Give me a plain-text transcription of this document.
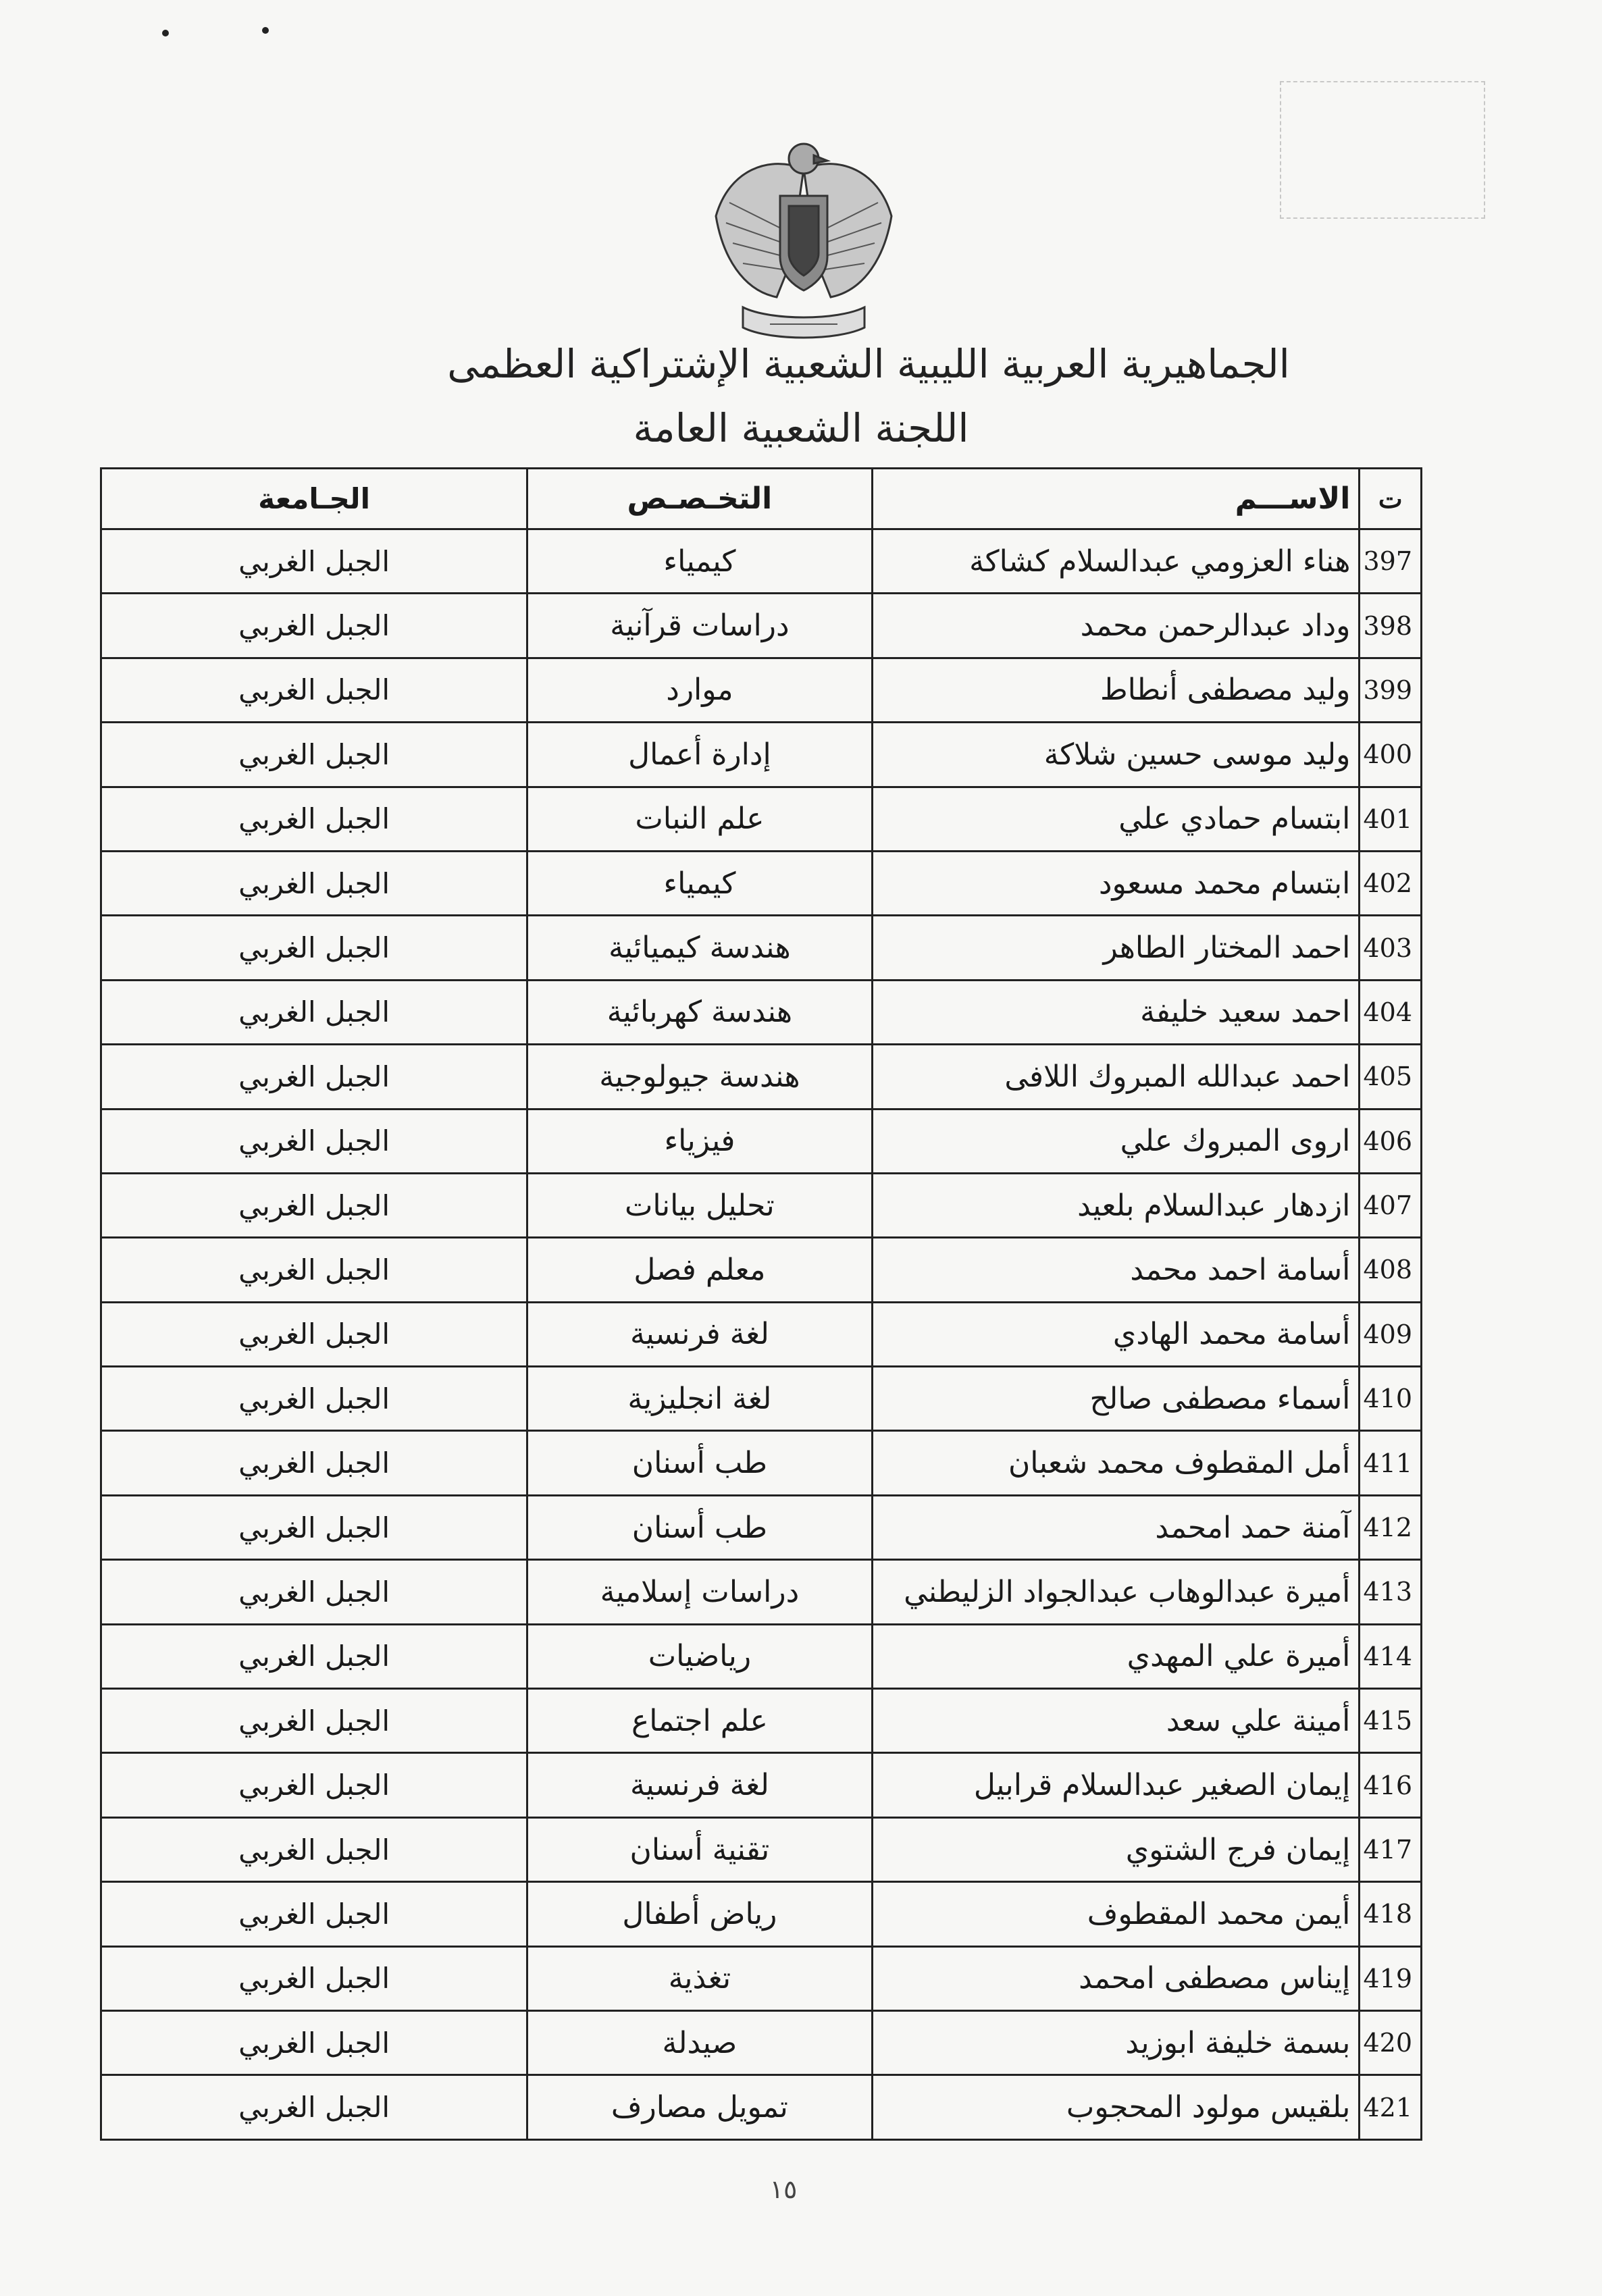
الجماهيرية العربية الليبية الشعبية الإشتراكية العظمى
اللجنة الشعبية العامة
ت	الاســـم	التخـصـص	الجـامعة
397	هناء العزومي عبدالسلام كشاكة	كيمياء	الجبل الغربي
398	وداد عبدالرحمن محمد	دراسات قرآنية	الجبل الغربي
399	وليد مصطفى أنطاط	موارد	الجبل الغربي
400	وليد موسى حسين شلاكة	إدارة أعمال	الجبل الغربي
401	ابتسام حمادي علي	علم النبات	الجبل الغربي
402	ابتسام محمد مسعود	كيمياء	الجبل الغربي
403	احمد المختار الطاهر	هندسة كيميائية	الجبل الغربي
404	احمد سعيد خليفة	هندسة كهربائية	الجبل الغربي
405	احمد عبدالله المبروك اللافى	هندسة جيولوجية	الجبل الغربي
406	اروى المبروك علي	فيزياء	الجبل الغربي
407	ازدهار عبدالسلام بلعيد	تحليل بيانات	الجبل الغربي
408	أسامة احمد محمد	معلم فصل	الجبل الغربي
409	أسامة محمد الهادي	لغة فرنسية	الجبل الغربي
410	أسماء مصطفى صالح	لغة انجليزية	الجبل الغربي
411	أمل المقطوف محمد شعبان	طب أسنان	الجبل الغربي
412	آمنة حمد امحمد	طب أسنان	الجبل الغربي
413	أميرة عبدالوهاب عبدالجواد الزليطني	دراسات إسلامية	الجبل الغربي
414	أميرة علي المهدي	رياضيات	الجبل الغربي
415	أمينة علي سعد	علم اجتماع	الجبل الغربي
416	إيمان الصغير عبدالسلام قرابيل	لغة فرنسية	الجبل الغربي
417	إيمان فرج الشتوي	تقنية أسنان	الجبل الغربي
418	أيمن محمد المقطوف	رياض أطفال	الجبل الغربي
419	إيناس مصطفى امحمد	تغذية	الجبل الغربي
420	بسمة خليفة ابوزيد	صيدلة	الجبل الغربي
421	بلقيس مولود المحجوب	تمويل مصارف	الجبل الغربي
١٥
